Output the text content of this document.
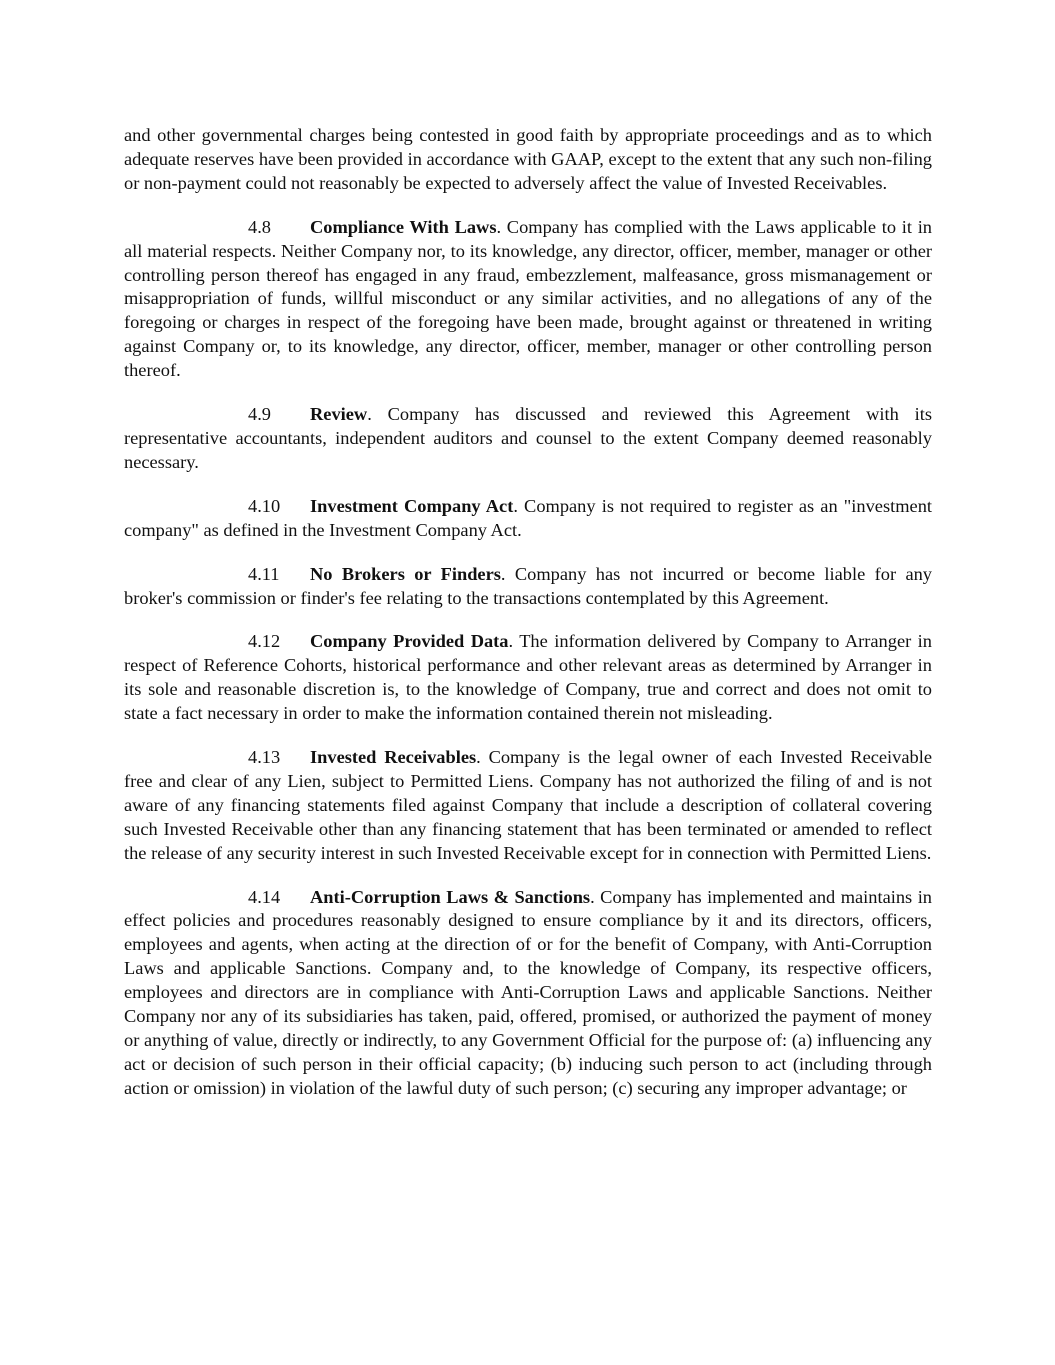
and other governmental charges being contested in good faith by appropriate proceedings and as to which adequate reserves have been provided in accordance with GAAP, except to the extent that any such non-filing or non-payment could not reasonably be expected to adversely affect the value of Invested Receivables.

4.8 Compliance With Laws. Company has complied with the Laws applicable to it in all material respects. Neither Company nor, to its knowledge, any director, officer, member, manager or other controlling person thereof has engaged in any fraud, embezzlement, malfeasance, gross mismanagement or misappropriation of funds, willful misconduct or any similar activities, and no allegations of any of the foregoing or charges in respect of the foregoing have been made, brought against or threatened in writing against Company or, to its knowledge, any director, officer, member, manager or other controlling person thereof.

4.9 Review. Company has discussed and reviewed this Agreement with its representative accountants, independent auditors and counsel to the extent Company deemed reasonably necessary.

4.10 Investment Company Act. Company is not required to register as an "investment company" as defined in the Investment Company Act.

4.11 No Brokers or Finders. Company has not incurred or become liable for any broker's commission or finder's fee relating to the transactions contemplated by this Agreement.

4.12 Company Provided Data. The information delivered by Company to Arranger in respect of Reference Cohorts, historical performance and other relevant areas as determined by Arranger in its sole and reasonable discretion is, to the knowledge of Company, true and correct and does not omit to state a fact necessary in order to make the information contained therein not misleading.

4.13 Invested Receivables. Company is the legal owner of each Invested Receivable free and clear of any Lien, subject to Permitted Liens. Company has not authorized the filing of and is not aware of any financing statements filed against Company that include a description of collateral covering such Invested Receivable other than any financing statement that has been terminated or amended to reflect the release of any security interest in such Invested Receivable except for in connection with Permitted Liens.

4.14 Anti-Corruption Laws & Sanctions. Company has implemented and maintains in effect policies and procedures reasonably designed to ensure compliance by it and its directors, officers, employees and agents, when acting at the direction of or for the benefit of Company, with Anti-Corruption Laws and applicable Sanctions. Company and, to the knowledge of Company, its respective officers, employees and directors are in compliance with Anti-Corruption Laws and applicable Sanctions. Neither Company nor any of its subsidiaries has taken, paid, offered, promised, or authorized the payment of money or anything of value, directly or indirectly, to any Government Official for the purpose of: (a) influencing any act or decision of such person in their official capacity; (b) inducing such person to act (including through action or omission) in violation of the lawful duty of such person; (c) securing any improper advantage; or
